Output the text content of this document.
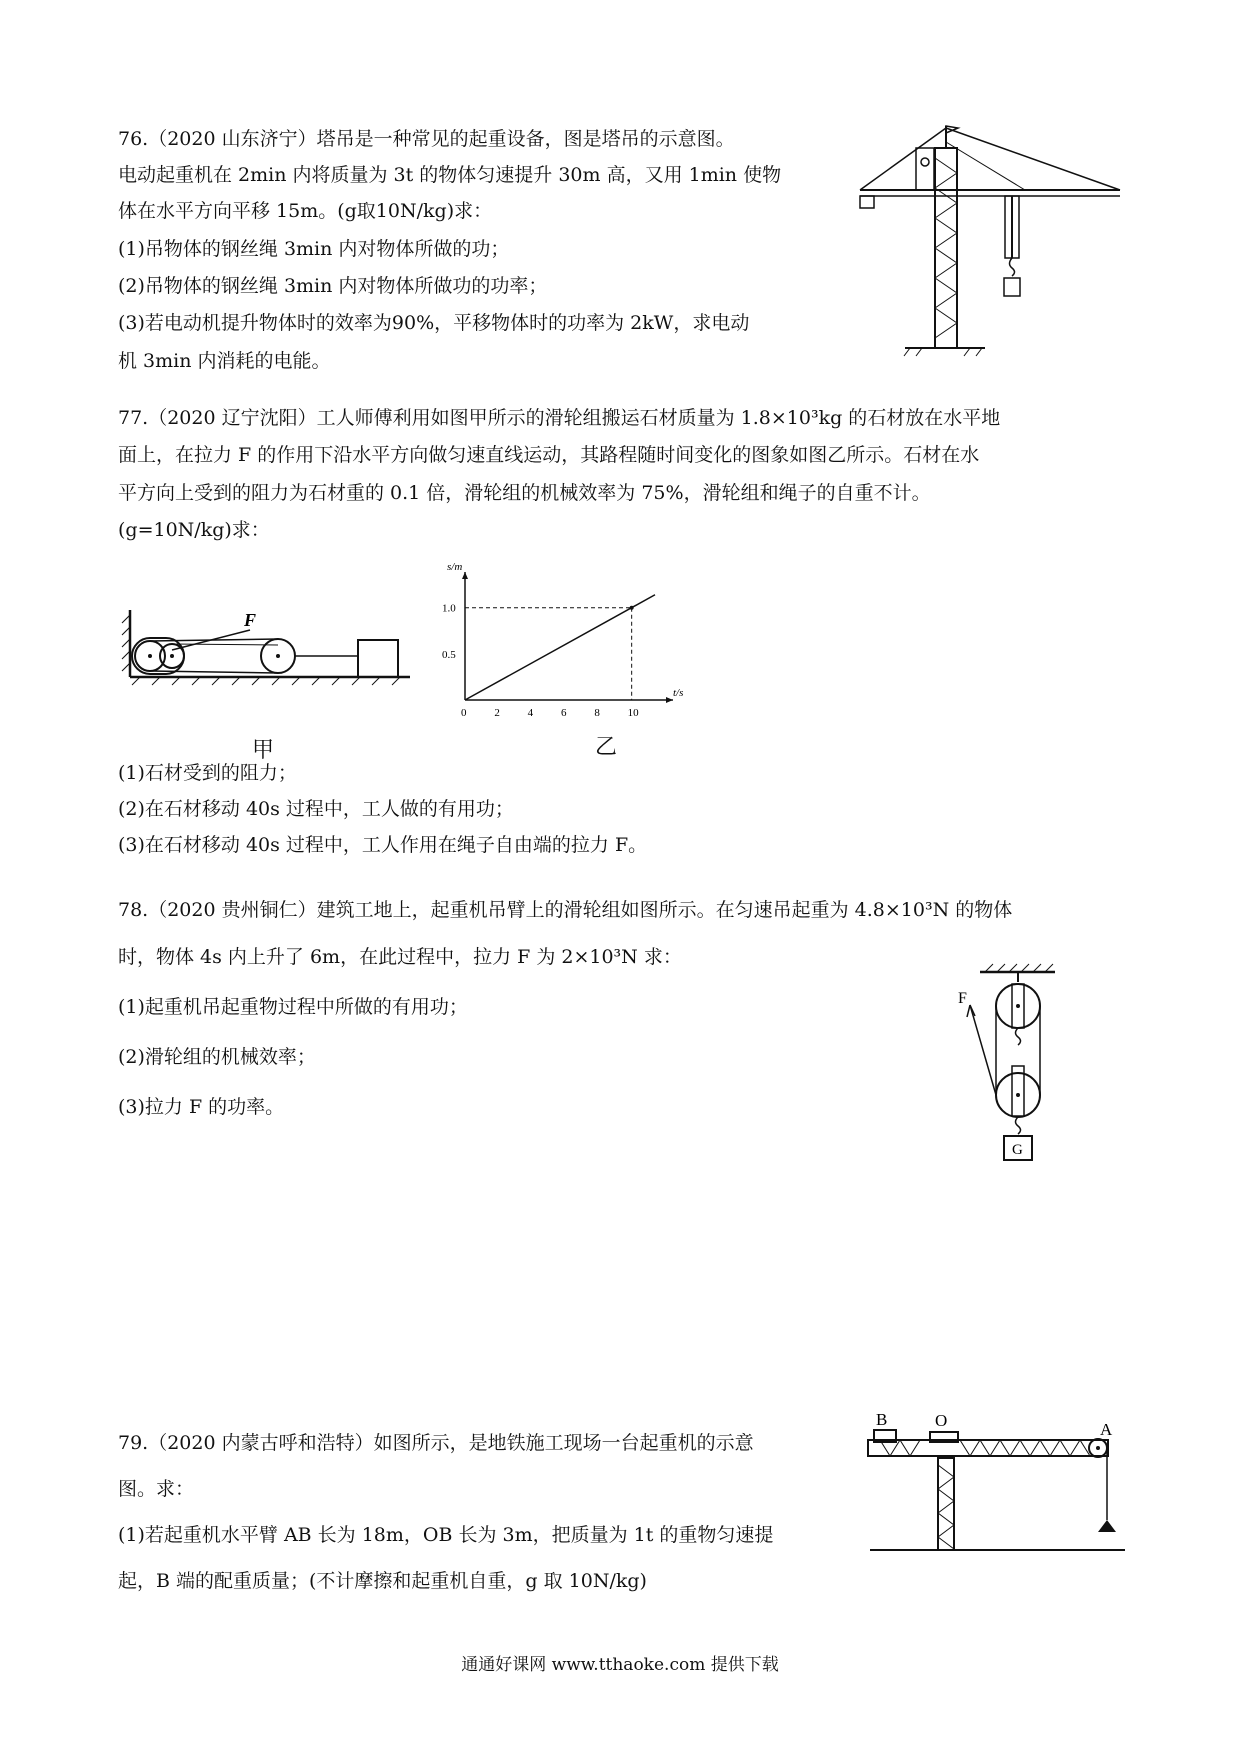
76.（2020 山东济宁）塔吊是一种常见的起重设备，图是塔吊的示意图。
电动起重机在 2min 内将质量为 3t 的物体匀速提升 30m 高，又用 1min 使物
体在水平方向平移 15m。(g取10N/kg)求：
(1)吊物体的钢丝绳 3min 内对物体所做的功；
(2)吊物体的钢丝绳 3min 内对物体所做功的功率；
(3)若电动机提升物体时的效率为90%，平移物体时的功率为 2kW，求电动
机 3min 内消耗的电能。
77.（2020 辽宁沈阳）工人师傅利用如图甲所示的滑轮组搬运石材质量为 1.8×10³kg 的石材放在水平地
面上，在拉力 F 的作用下沿水平方向做匀速直线运动，其路程随时间变化的图象如图乙所示。石材在水
平方向上受到的阻力为石材重的 0.1 倍，滑轮组的机械效率为 75%，滑轮组和绳子的自重不计。
(g=10N/kg)求：
F
甲
0	2	4	6	8	10
0.5
1.0
t/s
s/m
乙
(1)石材受到的阻力；
(2)在石材移动 40s 过程中，工人做的有用功；
(3)在石材移动 40s 过程中，工人作用在绳子自由端的拉力 F。
78.（2020 贵州铜仁）建筑工地上，起重机吊臂上的滑轮组如图所示。在匀速吊起重为 4.8×10³N 的物体
时，物体 4s 内上升了 6m，在此过程中，拉力 F 为 2×10³N 求：
(1)起重机吊起重物过程中所做的有用功；
(2)滑轮组的机械效率；
(3)拉力 F 的功率。
F
G
79.（2020 内蒙古呼和浩特）如图所示，是地铁施工现场一台起重机的示意
图。求：
(1)若起重机水平臂 AB 长为 18m，OB 长为 3m，把质量为 1t 的重物匀速提
起，B 端的配重质量；(不计摩擦和起重机自重，g 取 10N/kg)
B	O	A
通通好课网 www.tthaoke.com 提供下载
